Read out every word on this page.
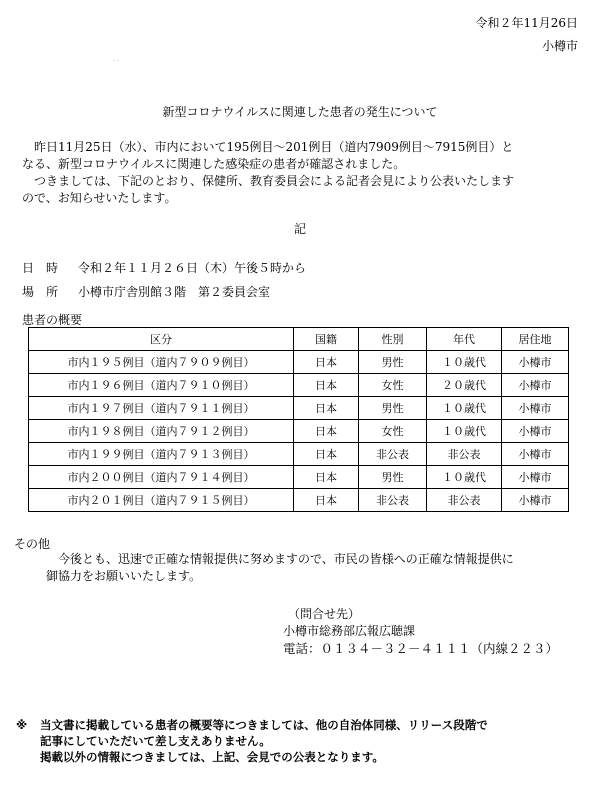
令和２年11月26日
小樽市
· ·
新型コロナウイルスに関連した患者の発生について
　昨日11月25日（水）、市内において195例目～201例目（道内7909例目～7915例目）と
なる、新型コロナウイルスに関連した感染症の患者が確認されました。
　つきましては、下記のとおり、保健所、教育委員会による記者会見により公表いたします
ので、お知らせいたします。
記
日　時 令和２年１１月２６日（木）午後５時から
場　所 小樽市庁舎別館３階　第２委員会室
患者の概要
区分	国籍	性別	年代	居住地
市内１９５例目（道内７９０９例目）	日本	男性	１０歳代	小樽市
市内１９６例目（道内７９１０例目）	日本	女性	２０歳代	小樽市
市内１９７例目（道内７９１１例目）	日本	男性	１０歳代	小樽市
市内１９８例目（道内７９１２例目）	日本	女性	１０歳代	小樽市
市内１９９例目（道内７９１３例目）	日本	非公表	非公表	小樽市
市内２００例目（道内７９１４例目）	日本	男性	１０歳代	小樽市
市内２０１例目（道内７９１５例目）	日本	非公表	非公表	小樽市
その他
今後とも、迅速で正確な情報提供に努めますので、市民の皆様への正確な情報提供に
御協力をお願いいたします。
（問合せ先）
小樽市総務部広報広聴課
電話：０１３４－３２－４１１１（内線２２３）
※ 当文書に掲載している患者の概要等につきましては、他の自治体同様、リリース段階で
記事にしていただいて差し支えありません。
掲載以外の情報につきましては、上記、会見での公表となります。
